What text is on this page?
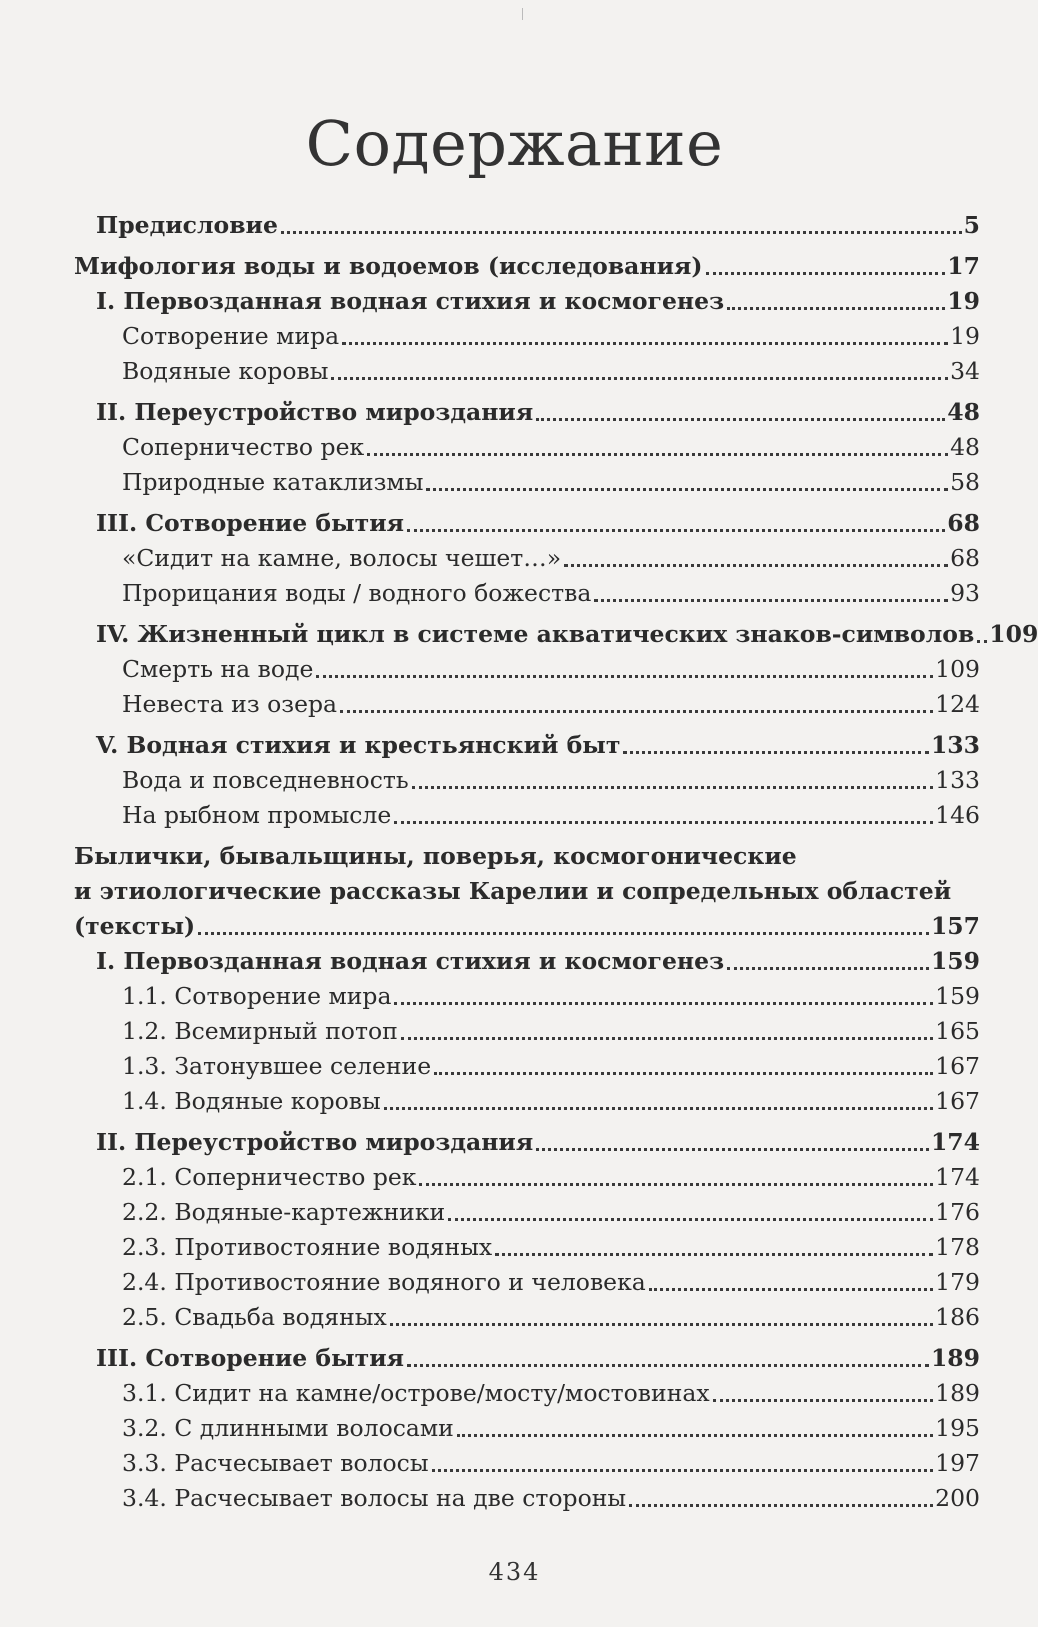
Содержание
Предисловие	5
Мифология воды и водоемов (исследования)	17
I. Первозданная водная стихия и космогенез	19
Сотворение мира	19
Водяные коровы	34
II. Переустройство мироздания	48
Соперничество рек	48
Природные катаклизмы	58
III. Сотворение бытия	68
«Сидит на камне, волосы чешет…»	68
Прорицания воды / водного божества	93
IV. Жизненный цикл в системе акватических знаков-символов 109
Смерть на воде	109
Невеста из озера	124
V. Водная стихия и крестьянский быт	133
Вода и повседневность	133
На рыбном промысле	146
Былички, бывальщины, поверья, космогонические
и этиологические рассказы Карелии и сопредельных областей
(тексты)	157
I. Первозданная водная стихия и космогенез	159
1.1. Сотворение мира	159
1.2. Всемирный потоп	165
1.3. Затонувшее селение	167
1.4. Водяные коровы	167
II. Переустройство мироздания	174
2.1. Соперничество рек	174
2.2. Водяные-картежники	176
2.3. Противостояние водяных	178
2.4. Противостояние водяного и человека	179
2.5. Свадьба водяных	186
III. Сотворение бытия	189
3.1. Сидит на камне/острове/мосту/мостовинах	189
3.2. С длинными волосами	195
3.3. Расчесывает волосы	197
3.4. Расчесывает волосы на две стороны	200
434
